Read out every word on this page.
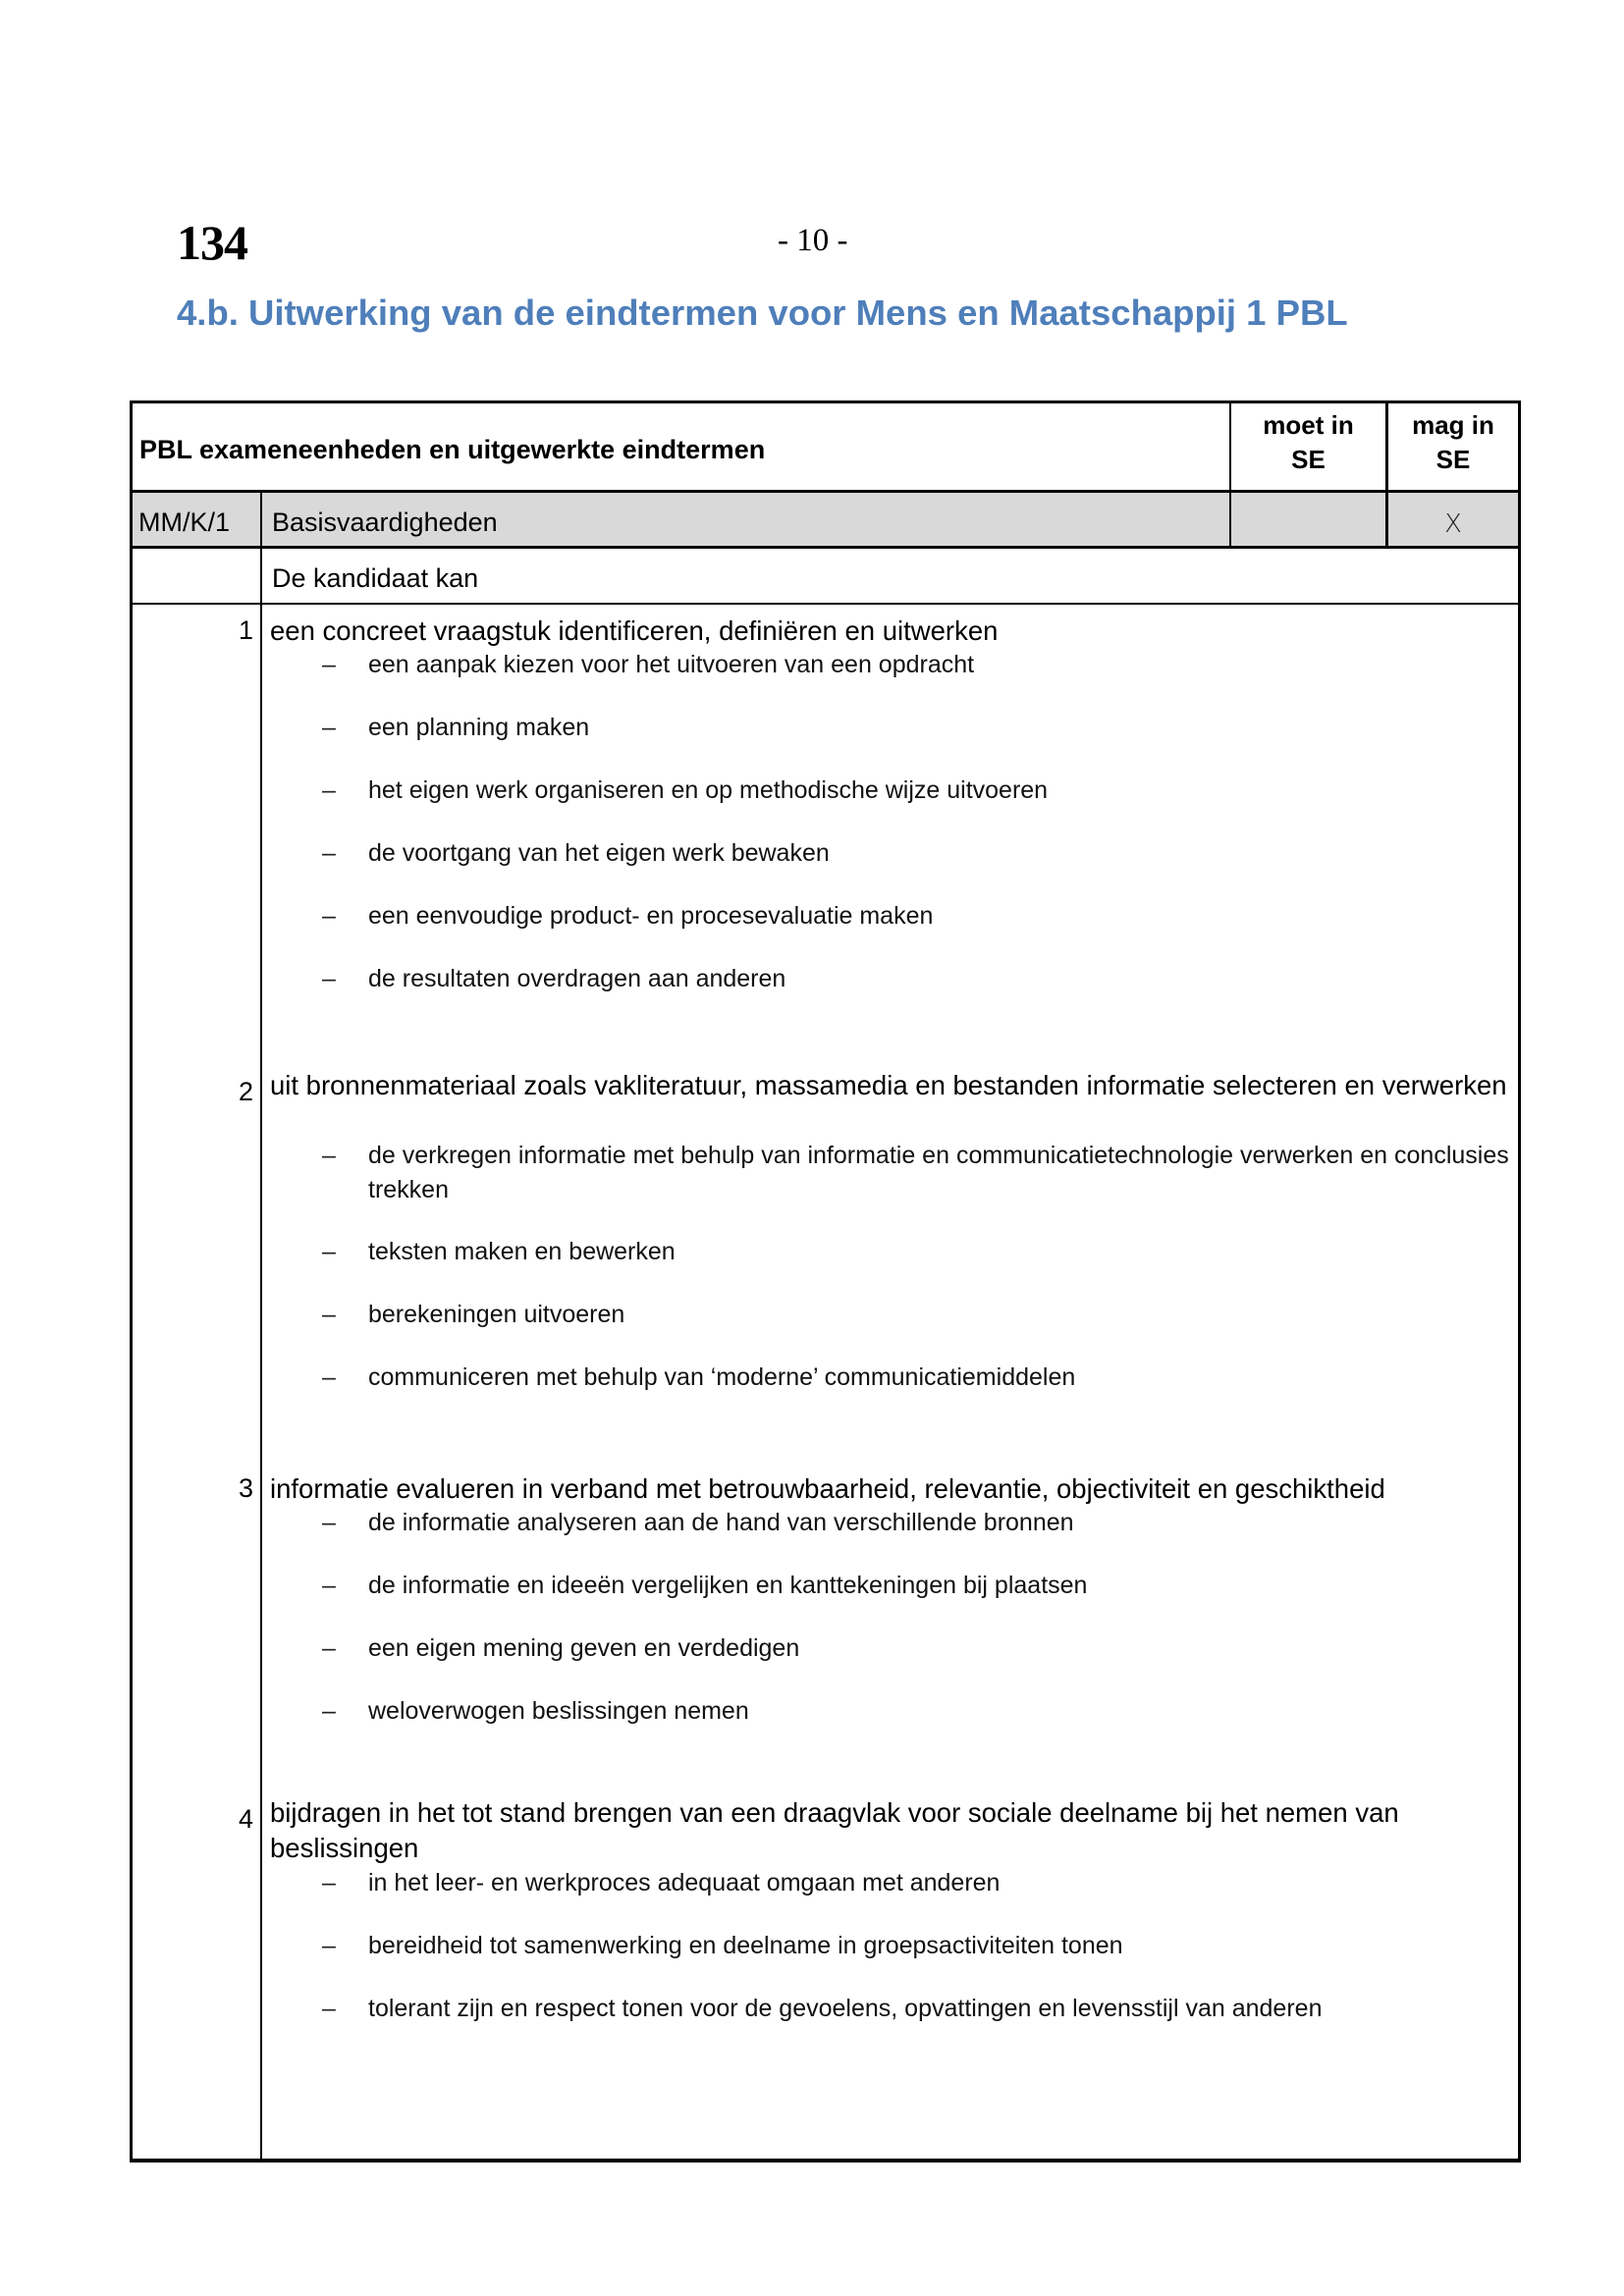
134	- 10 -
4.b. Uitwerking van de eindtermen voor Mens en Maatschappij 1 PBL
PBL exameneenheden en uitgewerkte eindtermen
moet in
SE
mag in
SE
MM/K/1 Basisvaardigheden	X
De kandidaat kan
1 een concreet vraagstuk identificeren, definiëren en uitwerken
– een aanpak kiezen voor het uitvoeren van een opdracht
– een planning maken
– het eigen werk organiseren en op methodische wijze uitvoeren
– de voortgang van het eigen werk bewaken
– een eenvoudige product- en procesevaluatie maken
– de resultaten overdragen aan anderen
2 uit bronnenmateriaal zoals vakliteratuur, massamedia en bestanden informatie selecteren en verwerken
– de verkregen informatie met behulp van informatie en communicatietechnologie verwerken en conclusies trekken
– teksten maken en bewerken
– berekeningen uitvoeren
– communiceren met behulp van ‘moderne’ communicatiemiddelen
3 informatie evalueren in verband met betrouwbaarheid, relevantie, objectiviteit en geschiktheid
– de informatie analyseren aan de hand van verschillende bronnen
– de informatie en ideeën vergelijken en kanttekeningen bij plaatsen
– een eigen mening geven en verdedigen
– weloverwogen beslissingen nemen
4 bijdragen in het tot stand brengen van een draagvlak voor sociale deelname bij het nemen van beslissingen
– in het leer- en werkproces adequaat omgaan met anderen
– bereidheid tot samenwerking en deelname in groepsactiviteiten tonen
– tolerant zijn en respect tonen voor de gevoelens, opvattingen en levensstijl van anderen
